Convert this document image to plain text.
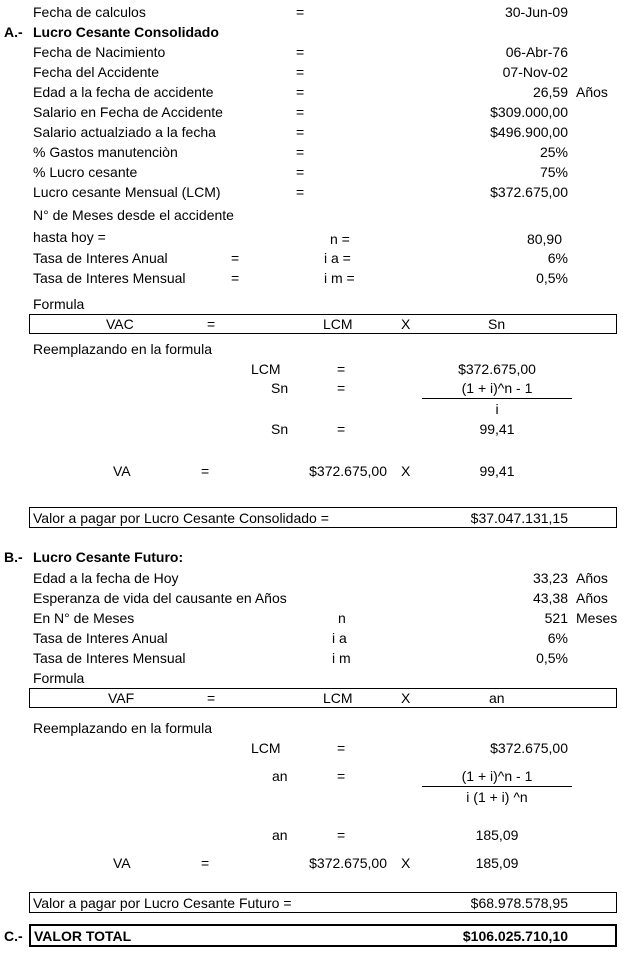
Fecha de calculos	=	30-Jun-09
A.- Lucro Cesante Consolidado
Fecha de Nacimiento	=	06-Abr-76
Fecha del Accidente	=	07-Nov-02
Edad a la fecha de accidente	=	26,59 Años
Salario en Fecha de Accidente	=	$309.000,00
Salario actualziado a la fecha	=	$496.900,00
% Gastos manutenciòn	=	25%
% Lucro cesante	=	75%
Lucro cesante Mensual (LCM)	=	$372.675,00
N° de Meses desde el accidente
hasta hoy =	n =	80,90
Tasa de Interes Anual	=	i a =	6%
Tasa de Interes Mensual	=	i m =	0,5%
Formula
VAC	=	LCM	X	Sn
Reemplazando en la formula
LCM	=	$372.675,00
Sn	=	(1 + i)^n - 1
i
Sn	=	99,41
VA	=	$372.675,00 X	99,41
Valor a pagar por Lucro Cesante Consolidado =	$37.047.131,15
B.- Lucro Cesante Futuro:
Edad a la fecha de Hoy	33,23 Años
Esperanza de vida del causante en Años	43,38 Años
En N° de Meses	n	521 Meses
Tasa de Interes Anual	i a	6%
Tasa de Interes Mensual	i m	0,5%
Formula
VAF	=	LCM	X	an
Reemplazando en la formula
LCM	=	$372.675,00
an	=	(1 + i)^n - 1
i (1 + i) ^n
an	=	185,09
VA	=	$372.675,00 X	185,09
Valor a pagar por Lucro Cesante Futuro =	$68.978.578,95
C.- VALOR TOTAL	$106.025.710,10
